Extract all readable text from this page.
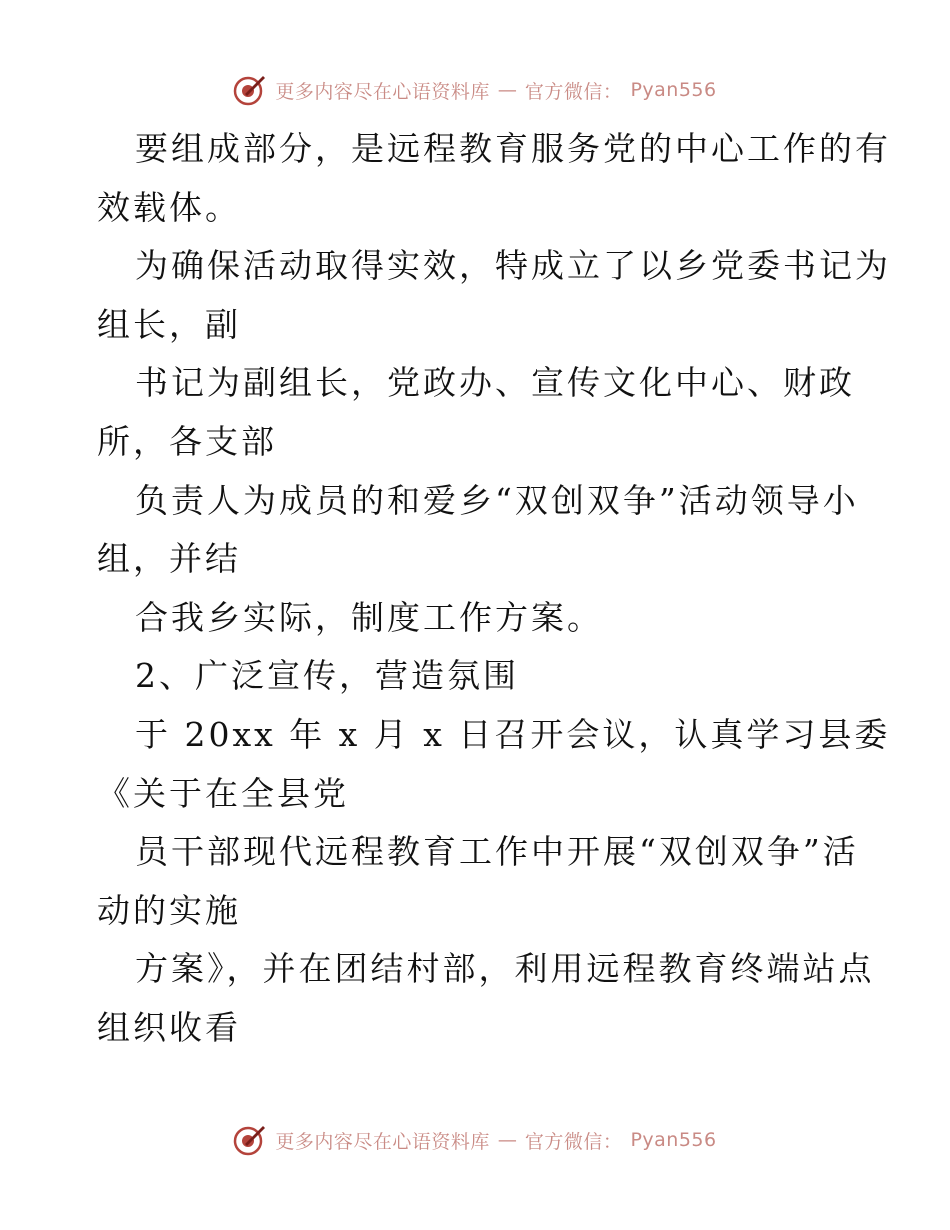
更多内容尽在心语资料库 — 官方微信： Pyan556
要组成部分，是远程教育服务党的中心工作的有
效载体。
为确保活动取得实效，特成立了以乡党委书记为
组长，副
书记为副组长，党政办、宣传文化中心、财政
所，各支部
负责人为成员的和爱乡“双创双争”活动领导小
组，并结
合我乡实际，制度工作方案。
2、广泛宣传，营造氛围
于 20xx 年 x 月 x 日召开会议，认真学习县委
《关于在全县党
员干部现代远程教育工作中开展“双创双争”活
动的实施
方案》，并在团结村部，利用远程教育终端站点
组织收看
更多内容尽在心语资料库 — 官方微信： Pyan556
